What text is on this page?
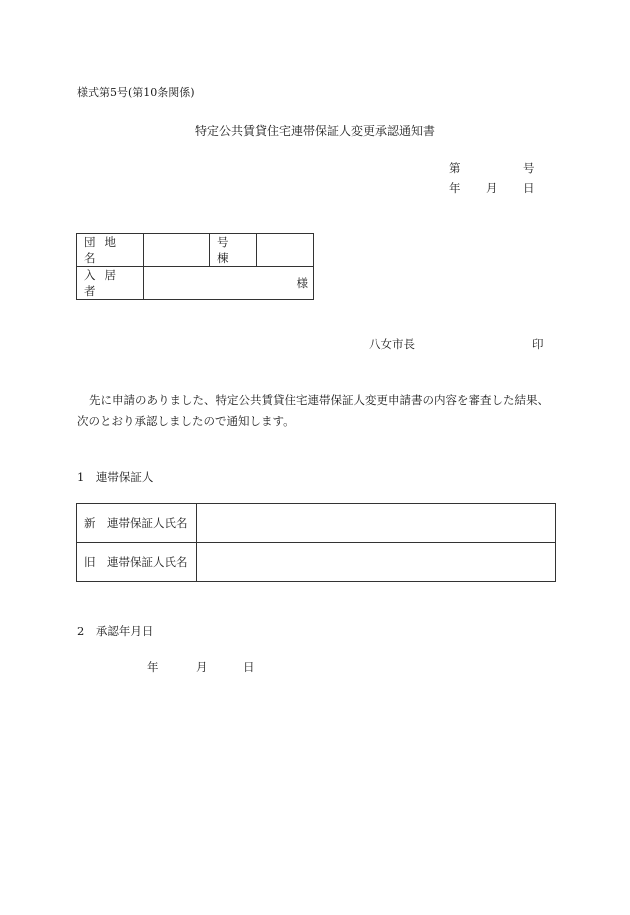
様式第5号(第10条関係)
特定公共賃貸住宅連帯保証人変更承認通知書
第	号
年 月 日
団地名		号棟	
入居者	様		
八女市長	印
先に申請のありました、特定公共賃貸住宅連帯保証人変更申請書の内容を審査した結果、次のとおり承認しましたので通知します。
1　連帯保証人
新　連帯保証人氏名	
旧　連帯保証人氏名	
2　承認年月日
年	月	日
